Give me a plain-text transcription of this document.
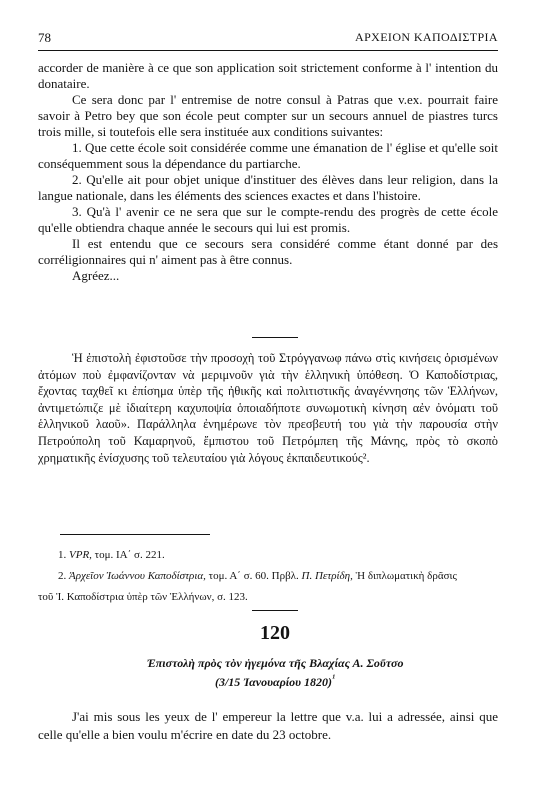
78	ΑΡΧΕΙΟΝ ΚΑΠΟΔΙΣΤΡΙΑ

accorder de manière à ce que son application soit strictement conforme à l' intention du donataire.

Ce sera donc par l' entremise de notre consul à Patras que v.ex. pourrait faire savoir à Petro bey que son école peut compter sur un secours annuel de piastres turcs trois mille, si toutefois elle sera instituée aux conditions suivantes:

1. Que cette école soit considérée comme une émanation de l' église et qu'elle soit conséquemment sous la dépendance du partiarche.

2. Qu'elle ait pour objet unique d'instituer des élèves dans leur religion, dans la langue nationale, dans les éléments des sciences exactes et dans l'histoire.

3. Qu'à l' avenir ce ne sera que sur le compte-rendu des progrès de cette école qu'elle obtiendra chaque année le secours qui lui est promis.

Il est entendu que ce secours sera considéré comme étant donné par des corréligionnaires qui n' aiment pas à être connus.

Agréez...

Ἡ ἐπιστολὴ ἐφιστοῦσε τὴν προσοχὴ τοῦ Στρόγγανωφ πάνω στὶς κινήσεις ὁρισμένων ἀτόμων ποὺ ἐμφανίζονταν νὰ μεριμνοῦν γιὰ τὴν ἑλληνικὴ ὑπόθεση. Ὁ Καποδίστριας, ἔχοντας ταχθεῖ κι ἐπίσημα ὑπὲρ τῆς ἠθικῆς καὶ πολιτιστικῆς ἀναγέννησης τῶν Ἑλλήνων, ἀντιμετώπιζε μὲ ἰδιαίτερη καχυποψία ὁποιαδήποτε συνωμοτικὴ κίνηση αἐν ὀνόματι τοῦ ἑλληνικοῦ λαοῦ». Παράλληλα ἐνημέρωνε τὸν πρεσβευτή του γιὰ τὴν παρουσία στὴν Πετρούπολη τοῦ Καμαρηνοῦ, ἔμπιστου τοῦ Πετρόμπεη τῆς Μάνης, πρὸς τὸ σκοπὸ χρηματικῆς ἐνίσχυσης τοῦ τελευταίου γιὰ λόγους ἐκπαιδευτικούς².

1. VPR, τομ. ΙΑ΄ σ. 221.

2. Ἀρχεῖον Ἰωάννου Καποδίστρια, τομ. Α΄ σ. 60. Πρβλ. Π. Πετρίδη, Ἡ διπλωματικὴ δρᾶσις

τοῦ Ἰ. Καποδίστρια ὑπὲρ τῶν Ἑλλήνων, σ. 123.

120
Ἐπιστολὴ πρὸς τὸν ἡγεμόνα τῆς Βλαχίας Α. Σοῦτσο
(3/15 Ἰανουαρίου 1820)$^{^1}$

J'ai mis sous les yeux de l' empereur la lettre que v.a. lui a adressée, ainsi que celle qu'elle a bien voulu m'écrire en date du 23 octobre.
